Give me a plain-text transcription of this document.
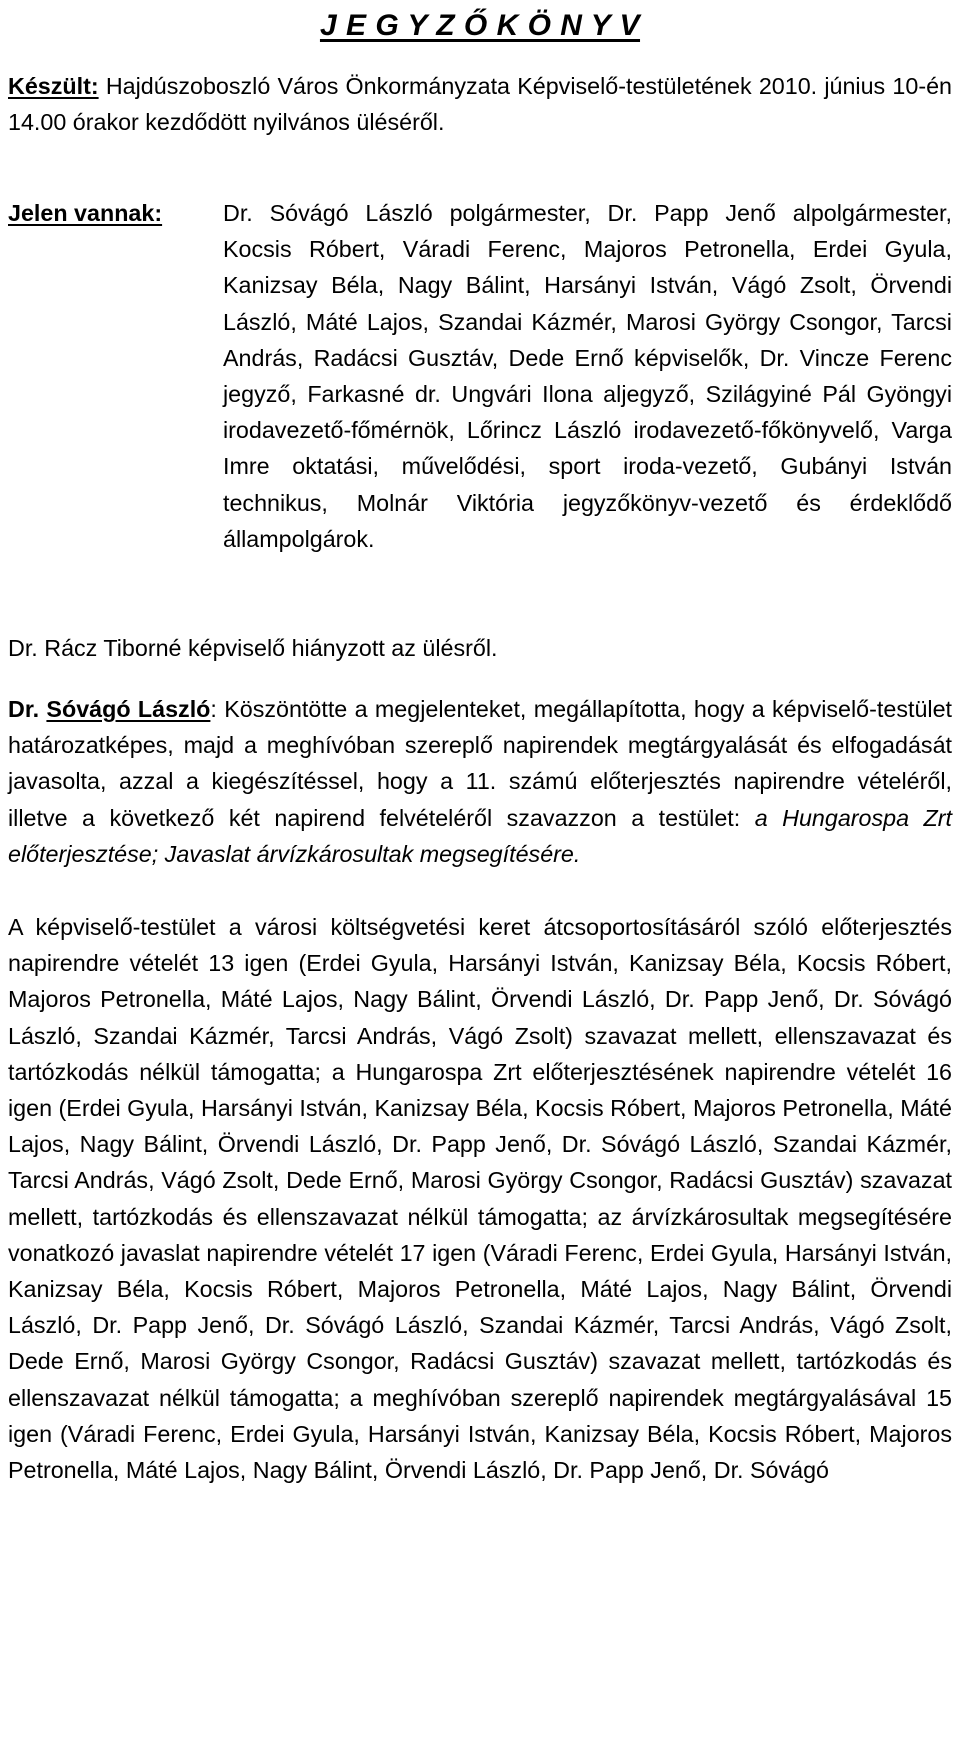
J E G Y Z Ő K Ö N Y V

Készült: Hajdúszoboszló Város Önkormányzata Képviselő-testületének 2010. június 10-én 14.00 órakor kezdődött nyilvános üléséről.

Jelen vannak:	Dr. Sóvágó László polgármester, Dr. Papp Jenő alpolgármester, Kocsis Róbert, Váradi Ferenc, Majoros Petronella, Erdei Gyula, Kanizsay Béla, Nagy Bálint, Harsányi István, Vágó Zsolt, Örvendi László, Máté Lajos, Szandai Kázmér, Marosi György Csongor, Tarcsi András, Radácsi Gusztáv, Dede Ernő képviselők, Dr. Vincze Ferenc jegyző, Farkasné dr. Ungvári Ilona aljegyző, Szilágyiné Pál Gyöngyi irodavezető-főmérnök, Lőrincz László irodavezető-főkönyvelő, Varga Imre oktatási, művelődési, sport iroda-vezető, Gubányi István technikus, Molnár Viktória jegyzőkönyv-vezető és érdeklődő állampolgárok.

Dr. Rácz Tiborné képviselő hiányzott az ülésről.

Dr. Sóvágó László: Köszöntötte a megjelenteket, megállapította, hogy a képviselő-testület határozatképes, majd a meghívóban szereplő napirendek megtárgyalását és elfogadását javasolta, azzal a kiegészítéssel, hogy a 11. számú előterjesztés napirendre vételéről, illetve a következő két napirend felvételéről szavazzon a testület: a Hungarospa Zrt előterjesztése; Javaslat árvízkárosultak megsegítésére.

A képviselő-testület a városi költségvetési keret átcsoportosításáról szóló előterjesztés napirendre vételét 13 igen (Erdei Gyula, Harsányi István, Kanizsay Béla, Kocsis Róbert, Majoros Petronella, Máté Lajos, Nagy Bálint, Örvendi László, Dr. Papp Jenő, Dr. Sóvágó László, Szandai Kázmér, Tarcsi András, Vágó Zsolt) szavazat mellett, ellenszavazat és tartózkodás nélkül támogatta; a Hungarospa Zrt előterjesztésének napirendre vételét 16 igen (Erdei Gyula, Harsányi István, Kanizsay Béla, Kocsis Róbert, Majoros Petronella, Máté Lajos, Nagy Bálint, Örvendi László, Dr. Papp Jenő, Dr. Sóvágó László, Szandai Kázmér, Tarcsi András, Vágó Zsolt, Dede Ernő, Marosi György Csongor, Radácsi Gusztáv) szavazat mellett, tartózkodás és ellenszavazat nélkül támogatta; az árvízkárosultak megsegítésére vonatkozó javaslat napirendre vételét 17 igen (Váradi Ferenc, Erdei Gyula, Harsányi István, Kanizsay Béla, Kocsis Róbert, Majoros Petronella, Máté Lajos, Nagy Bálint, Örvendi László, Dr. Papp Jenő, Dr. Sóvágó László, Szandai Kázmér, Tarcsi András, Vágó Zsolt, Dede Ernő, Marosi György Csongor, Radácsi Gusztáv) szavazat mellett, tartózkodás és ellenszavazat nélkül támogatta; a meghívóban szereplő napirendek megtárgyalásával 15 igen (Váradi Ferenc, Erdei Gyula, Harsányi István, Kanizsay Béla, Kocsis Róbert, Majoros Petronella, Máté Lajos, Nagy Bálint, Örvendi László, Dr. Papp Jenő, Dr. Sóvágó
